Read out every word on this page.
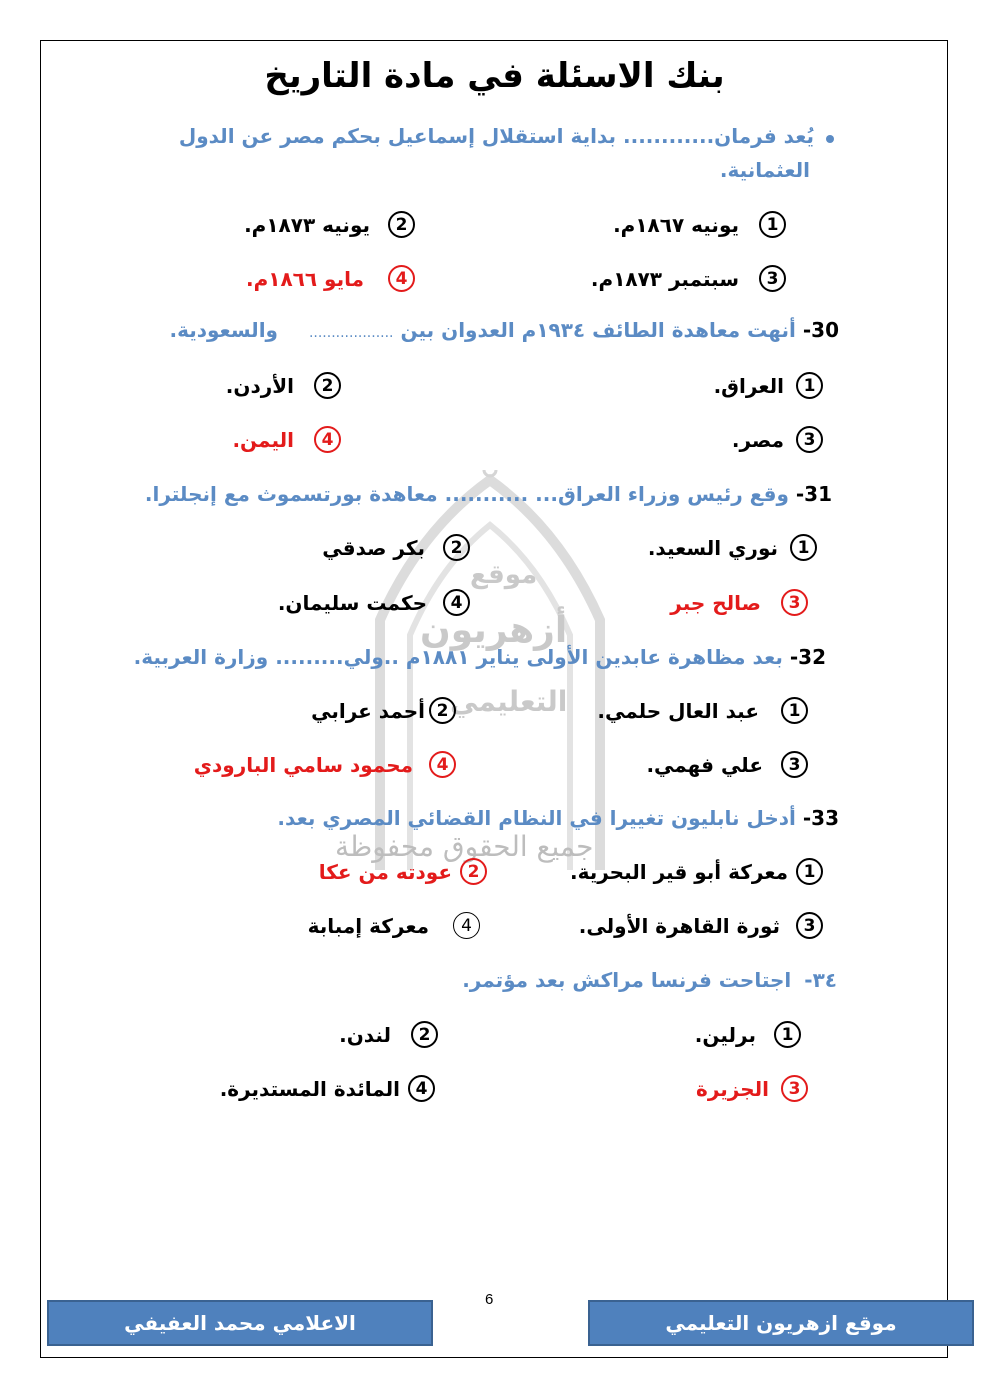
موقع
أزهريون
التعليمي
جميع الحقوق محفوظة
بنك الاسئلة في مادة التاريخ
يُعد فرمان............ بداية استقلال إسماعيل بحكم مصر عن الدول
العثمانية.
1
يونيه ١٨٦٧م.
2
يونيه ١٨٧٣م.
3
سبتمبر ١٨٧٣م.
4
مايو ١٨٦٦م.
30- أنهت معاهدة الطائف ١٩٣٤م العدوان بين ................... والسعودية.
1
العراق.
2
الأردن.
3
مصر.
4
اليمن.
31- وقع رئيس وزراء العراق... ........... معاهدة بورتسموث مع إنجلترا.
1
نوري السعيد.
2
بكر صدقي
3
صالح جبر
4
حكمت سليمان.
32- بعد مظاهرة عابدين الأولى يناير ١٨٨١م ..ولي......... وزارة العربية.
1
عبد العال حلمي.
2
أحمد عرابي
3
علي فهمي.
4
محمود سامي البارودي
33- أدخل نابليون تغييرا في النظام القضائي المصري بعد.
1
معركة أبو قير البحرية.
2
عودته من عكا
3
ثورة القاهرة الأولى.
4
معركة إمبابة
٣٤- اجتاحت فرنسا مراكش بعد مؤتمر.
1
برلين.
2
لندن.
3
الجزيرة
4
المائدة المستديرة.
6
الاعلامي محمد العفيفي	موقع ازهريون التعليمي
